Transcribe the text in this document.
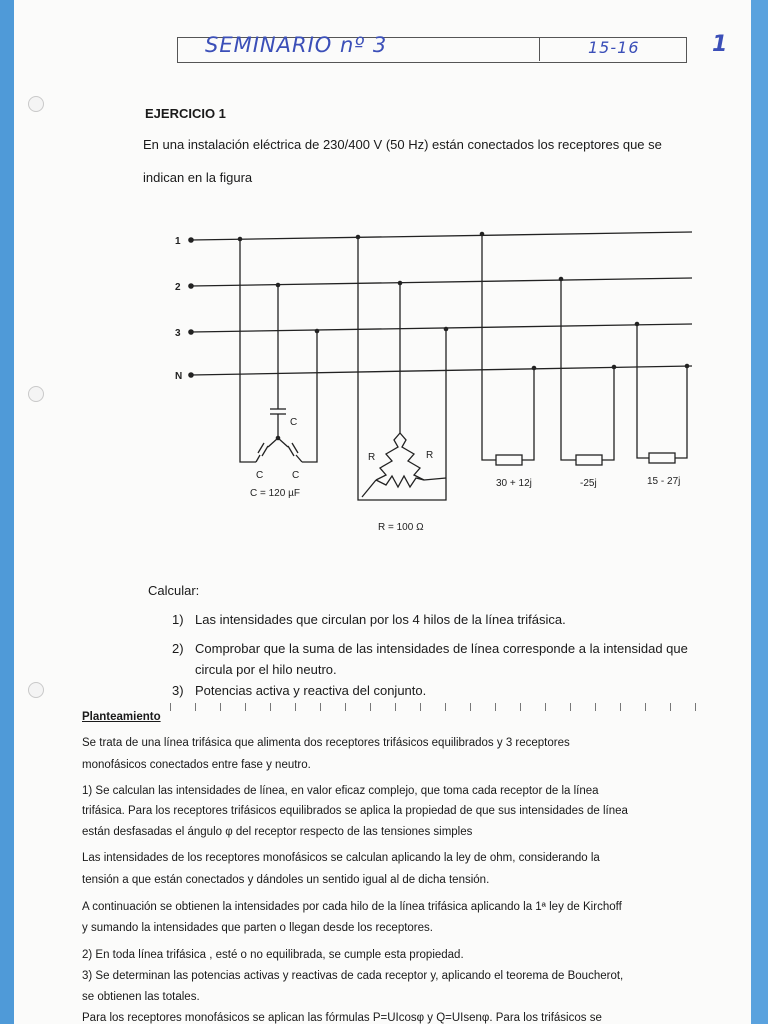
SEMINARIO nº 3	15-16	1
EJERCICIO 1
En una instalación eléctrica de 230/400 V (50 Hz) están conectados los receptores que se
indican en la figura
1
2
3
N
C
C	C
C = 120 µF
R	R
R = 100 Ω
30 + 12j	-25j	15 - 27j
Calcular:
1) Las intensidades que circulan por los 4 hilos de la línea trifásica.
2) Comprobar que la suma de las intensidades de línea corresponde a la intensidad que
circula por el hilo neutro.
3) Potencias activa y reactiva del conjunto.
Planteamiento
Se trata de una línea trifásica que alimenta dos receptores trifásicos equilibrados y 3 receptores
monofásicos conectados entre fase y neutro.
1) Se calculan las intensidades de línea, en valor eficaz complejo, que toma cada receptor de la línea
trifásica. Para los receptores trifásicos equilibrados se aplica la propiedad de que sus intensidades de línea
están desfasadas el ángulo φ del receptor respecto de las tensiones simples
Las intensidades de los receptores monofásicos se calculan aplicando la ley de ohm, considerando la
tensión a que están conectados y dándoles un sentido igual al de dicha tensión.
A continuación se obtienen la intensidades por cada hilo de la línea trifásica aplicando la 1ª ley de Kirchoff
y sumando la intensidades que parten o llegan desde los receptores.
2) En toda línea trifásica , esté o no equilibrada, se cumple esta propiedad.
3) Se determinan las potencias activas y reactivas de cada receptor y, aplicando el teorema de Boucherot,
se obtienen las totales.
Para los receptores monofásicos se aplican las fórmulas P=UIcosφ y Q=UIsenφ. Para los trifásicos se
